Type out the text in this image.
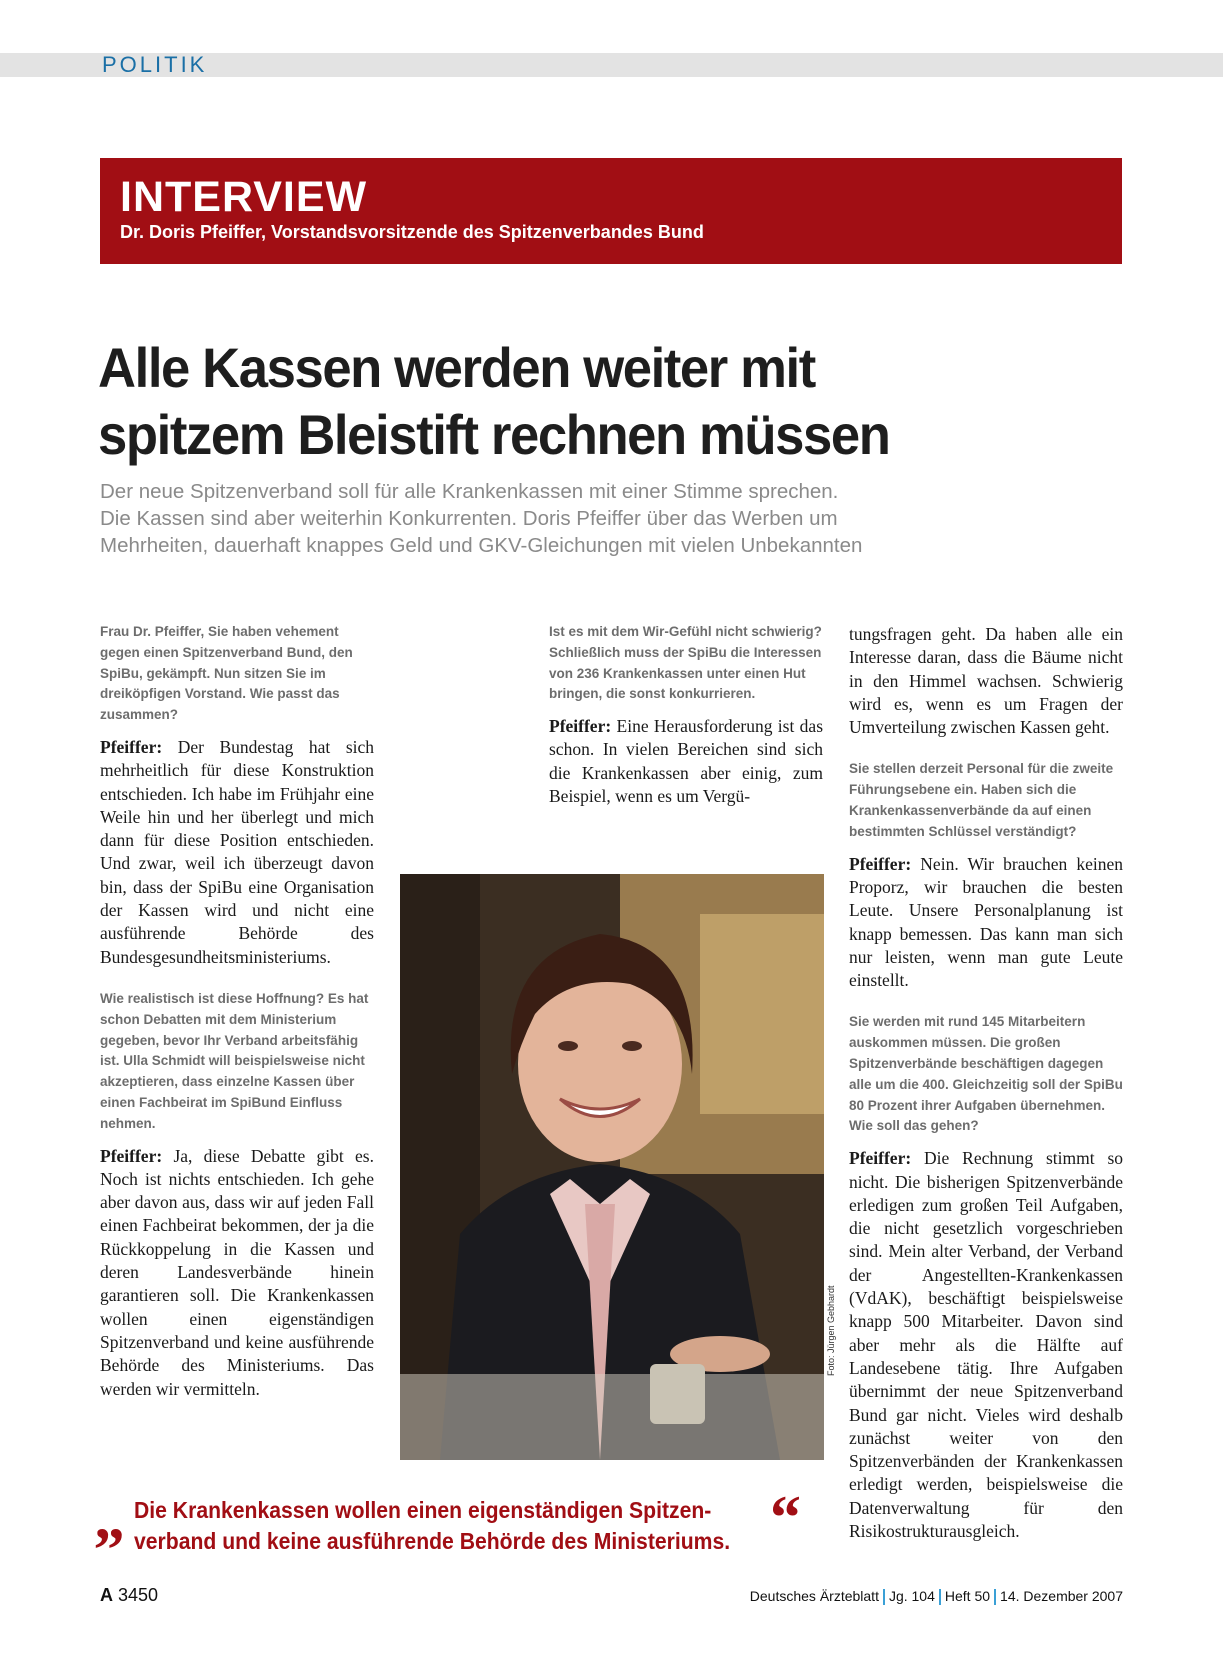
POLITIK
INTERVIEW
Dr. Doris Pfeiffer, Vorstandsvorsitzende des Spitzenverbandes Bund
Alle Kassen werden weiter mit
spitzem Bleistift rechnen müssen
Der neue Spitzenverband soll für alle Krankenkassen mit einer Stimme sprechen.
Die Kassen sind aber weiterhin Konkurrenten. Doris Pfeiffer über das Werben um
Mehrheiten, dauerhaft knappes Geld und GKV-Gleichungen mit vielen Unbekannten

Frau Dr. Pfeiffer, Sie haben vehement gegen einen Spitzenverband Bund, den SpiBu, gekämpft. Nun sitzen Sie im dreiköpfigen Vorstand. Wie passt das zusammen?

Pfeiffer: Der Bundestag hat sich mehrheitlich für diese Konstruktion entschieden. Ich habe im Frühjahr eine Weile hin und her überlegt und mich dann für diese Position entschieden. Und zwar, weil ich überzeugt davon bin, dass der SpiBu eine Organisation der Kassen wird und nicht eine ausführende Behörde des Bundesgesundheitsministeriums.

Wie realistisch ist diese Hoffnung? Es hat schon Debatten mit dem Ministerium gegeben, bevor Ihr Verband arbeitsfähig ist. Ulla Schmidt will beispielsweise nicht akzeptieren, dass einzelne Kassen über einen Fachbeirat im SpiBund Einfluss nehmen.

Pfeiffer: Ja, diese Debatte gibt es. Noch ist nichts entschieden. Ich gehe aber davon aus, dass wir auf jeden Fall einen Fachbeirat bekommen, der ja die Rückkoppelung in die Kassen und deren Landesverbände hinein garantieren soll. Die Krankenkassen wollen einen eigenständigen Spitzenverband und keine ausführende Behörde des Ministeriums. Das werden wir vermitteln.

Ist es mit dem Wir-Gefühl nicht schwierig? Schließlich muss der SpiBu die Interessen von 236 Krankenkassen unter einen Hut bringen, die sonst konkurrieren.

Pfeiffer: Eine Herausforderung ist das schon. In vielen Bereichen sind sich die Krankenkassen aber einig, zum Beispiel, wenn es um Vergü-

tungsfragen geht. Da haben alle ein Interesse daran, dass die Bäume nicht in den Himmel wachsen. Schwierig wird es, wenn es um Fragen der Umverteilung zwischen Kassen geht.

Sie stellen derzeit Personal für die zweite Führungsebene ein. Haben sich die Krankenkassenverbände da auf einen bestimmten Schlüssel verständigt?

Pfeiffer: Nein. Wir brauchen keinen Proporz, wir brauchen die besten Leute. Unsere Personalplanung ist knapp bemessen. Das kann man sich nur leisten, wenn man gute Leute einstellt.

Sie werden mit rund 145 Mitarbeitern auskommen müssen. Die großen Spitzenverbände beschäftigen dagegen alle um die 400. Gleichzeitig soll der SpiBu 80 Prozent ihrer Aufgaben übernehmen. Wie soll das gehen?

Pfeiffer: Die Rechnung stimmt so nicht. Die bisherigen Spitzenverbände erledigen zum großen Teil Aufgaben, die nicht gesetzlich vorgeschrieben sind. Mein alter Verband, der Verband der Angestellten-Krankenkassen (VdAK), beschäftigt beispielsweise knapp 500 Mitarbeiter. Davon sind aber mehr als die Hälfte auf Landesebene tätig. Ihre Aufgaben übernimmt der neue Spitzenverband Bund gar nicht. Vieles wird deshalb zunächst weiter von den Spitzenverbänden der Krankenkassen erledigt werden, beispielsweise die Datenverwaltung für den Risikostrukturausgleich.

Foto: Jürgen Gebhardt
„ Die Krankenkassen wollen einen eigenständigen Spitzen-
verband und keine ausführende Behörde des Ministeriums. “
A 3450	Deutsches Ärzteblatt Jg. 104 Heft 50 14. Dezember 2007
